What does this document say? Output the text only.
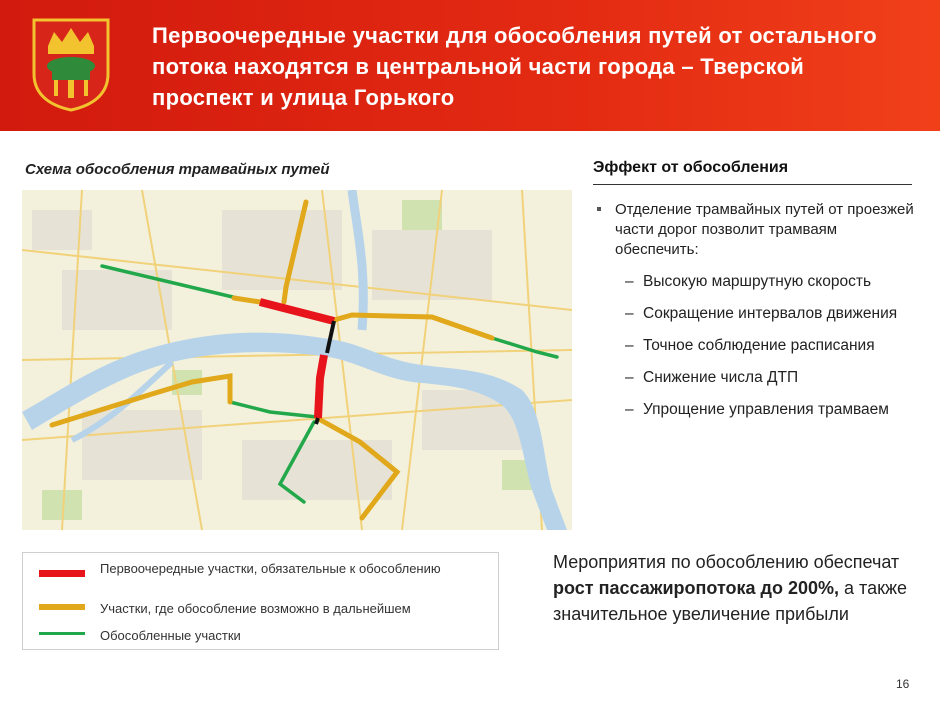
Первоочередные участки для обособления путей от остального потока находятся в центральной части города – Тверской проспект и улица Горького
Схема обособления трамвайных путей	Эффект от обособления
Отделение трамвайных путей от проезжей части дорог позволит трамваям обеспечить:
– Высокую маршрутную скорость
– Сокращение интервалов движения
– Точное соблюдение расписания
– Снижение числа ДТП
– Упрощение управления трамваем
Первоочередные участки, обязательные к обособлению
Участки, где обособление возможно в дальнейшем
Обособленные участки
Мероприятия по обособлению обеспечат рост пассажиропотока до 200%, а также значительное увеличение прибыли
16
